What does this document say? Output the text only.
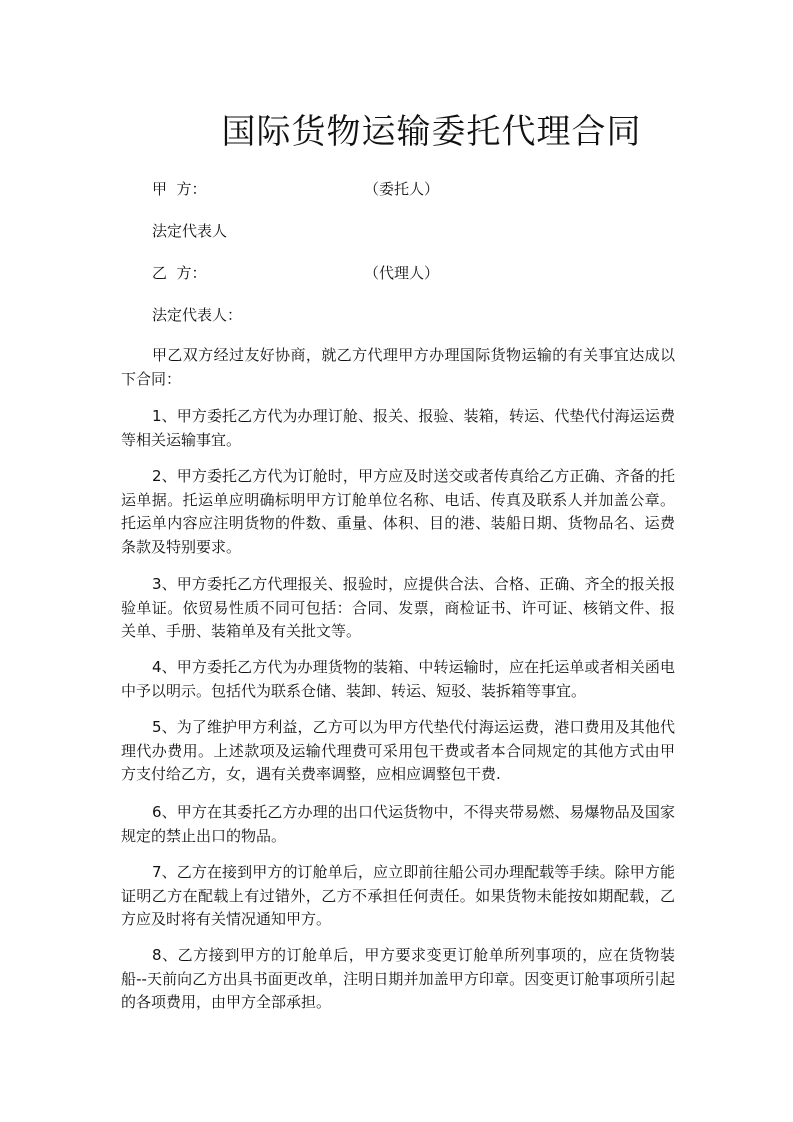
国际货物运输委托代理合同
甲  方：	（委托人）
法定代表人
乙  方：	（代理人）
法定代表人：

甲乙双方经过友好协商，就乙方代理甲方办理国际货物运输的有关事宜达成以下合同：

1、甲方委托乙方代为办理订舱、报关、报验、装箱，转运、代垫代付海运运费等相关运输事宜。

2、甲方委托乙方代为订舱时，甲方应及时送交或者传真给乙方正确、齐备的托运单据。托运单应明确标明甲方订舱单位名称、电话、传真及联系人并加盖公章。托运单内容应注明货物的件数、重量、体积、目的港、装船日期、货物品名、运费条款及特别要求。

3、甲方委托乙方代理报关、报验时，应提供合法、合格、正确、齐全的报关报验单证。依贸易性质不同可包括：合同、发票，商检证书、许可证、核销文件、报关单、手册、装箱单及有关批文等。

4、甲方委托乙方代为办理货物的装箱、中转运输时，应在托运单或者相关函电中予以明示。包括代为联系仓储、装卸、转运、短驳、装拆箱等事宜。

5、为了维护甲方利益，乙方可以为甲方代垫代付海运运费，港口费用及其他代理代办费用。上述款项及运输代理费可采用包干费或者本合同规定的其他方式由甲方支付给乙方，女，遇有关费率调整，应相应调整包干费.

6、甲方在其委托乙方办理的出口代运货物中，不得夹带易燃、易爆物品及国家规定的禁止出口的物品。

7、乙方在接到甲方的订舱单后，应立即前往船公司办理配载等手续。除甲方能证明乙方在配载上有过错外，乙方不承担任何责任。如果货物未能按如期配载，乙方应及时将有关情况通知甲方。

8、乙方接到甲方的订舱单后，甲方要求变更订舱单所列事项的，应在货物装船--天前向乙方出具书面更改单，注明日期并加盖甲方印章。因变更订舱事项所引起的各项费用，由甲方全部承担。
